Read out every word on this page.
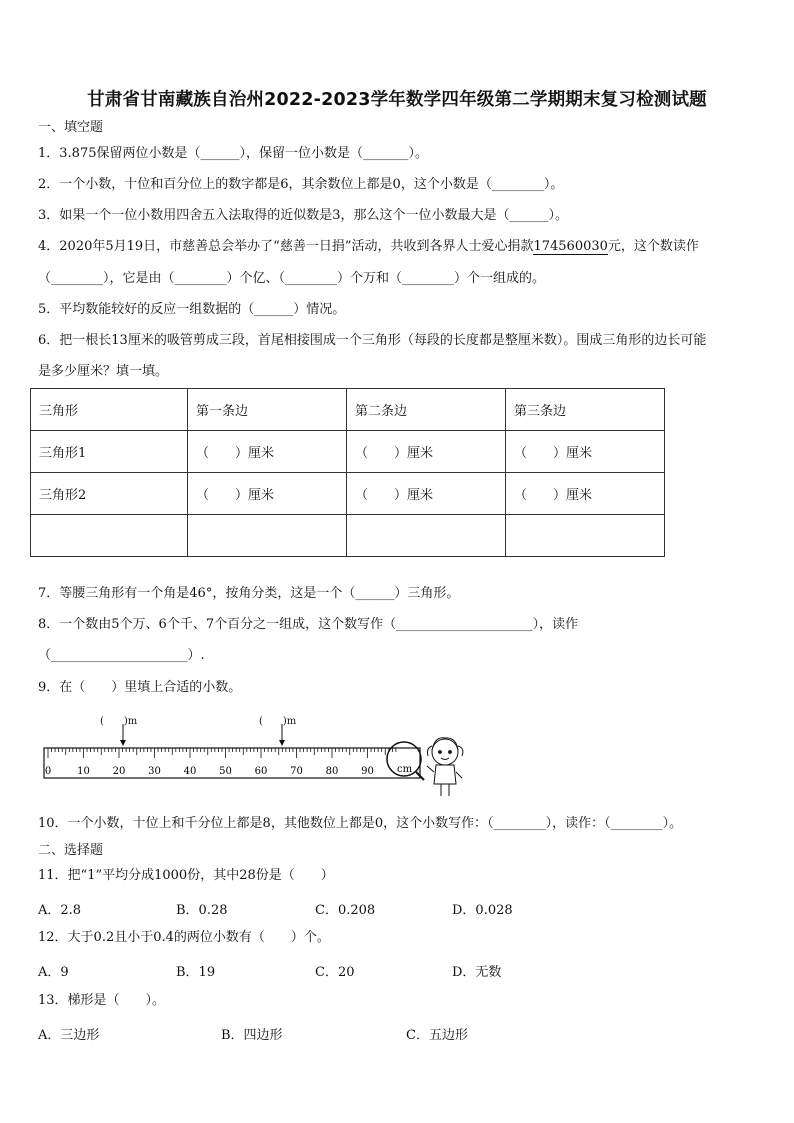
甘肃省甘南藏族自治州2022-2023学年数学四年级第二学期期末复习检测试题
一、填空题
1．3.875保留两位小数是（______），保留一位小数是（_______）。
2．一个小数，十位和百分位上的数字都是6，其余数位上都是0，这个小数是（________）。
3．如果一个一位小数用四舍五入法取得的近似数是3，那么这个一位小数最大是（______）。
4．2020年5月19日，市慈善总会举办了“慈善一日捐”活动，共收到各界人士爱心捐款174560030元，这个数读作
（________），它是由（________）个亿、（________）个万和（________）个一组成的。
5．平均数能较好的反应一组数据的（______）情况。
6．把一根长13厘米的吸管剪成三段，首尾相接围成一个三角形（每段的长度都是整厘米数）。围成三角形的边长可能
是多少厘米？填一填。
三角形	第一条边	第二条边	第三条边
三角形1	（　　）厘米	（　　）厘米	（　　）厘米
三角形2	（　　）厘米	（　　）厘米	（　　）厘米

7．等腰三角形有一个角是46°，按角分类，这是一个（______）三角形。
8．一个数由5个万、6个千、7个百分之一组成，这个数写作（_____________________），读作
（_____________________）.
9．在（　　）里填上合适的小数。
(　　)m	(　　)m
0	10 20 30 40 50 60 70 80 90 cm
10．一个小数，十位上和千分位上都是8，其他数位上都是0，这个小数写作：（________），读作：（________）。
二、选择题
11．把“1”平均分成1000份，其中28份是（　　）
A．2.8	B．0.28	C．0.208	D．0.028
12．大于0.2且小于0.4的两位小数有（　　）个。
A．9	B．19	C．20	D．无数
13．梯形是（　　）。
A．三边形	B．四边形	C．五边形
